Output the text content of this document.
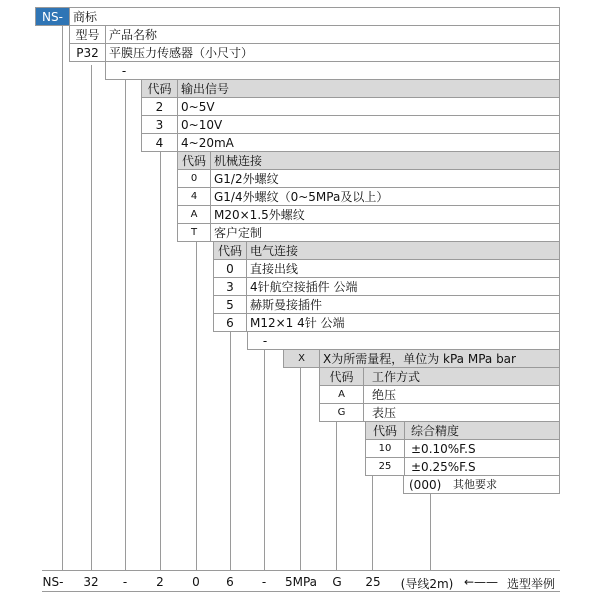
NS- 商标
型号 产品名称
P32 平膜压力传感器（小尺寸）
-
代码 输出信号
2	0~5V
3	0~10V
4	4~20mA
代码 机械连接
0	G1/2外螺纹
4	G1/4外螺纹（0~5MPa及以上）
A	M20×1.5外螺纹
T	客户定制
代码 电气连接
0	直接出线
3	4针航空接插件 公端
5	赫斯曼接插件
6	M12×1 4针 公端
-
X	X为所需量程，单位为 kPa MPa bar
代码	工作方式
A	绝压
G	表压
代码	综合精度
10	±0.10%F.S
25	±0.25%F.S
(000) 其他要求
NS- 32	-	2 0 6	-	5MPa G 25	(导线2m) ←—— 选型举例
